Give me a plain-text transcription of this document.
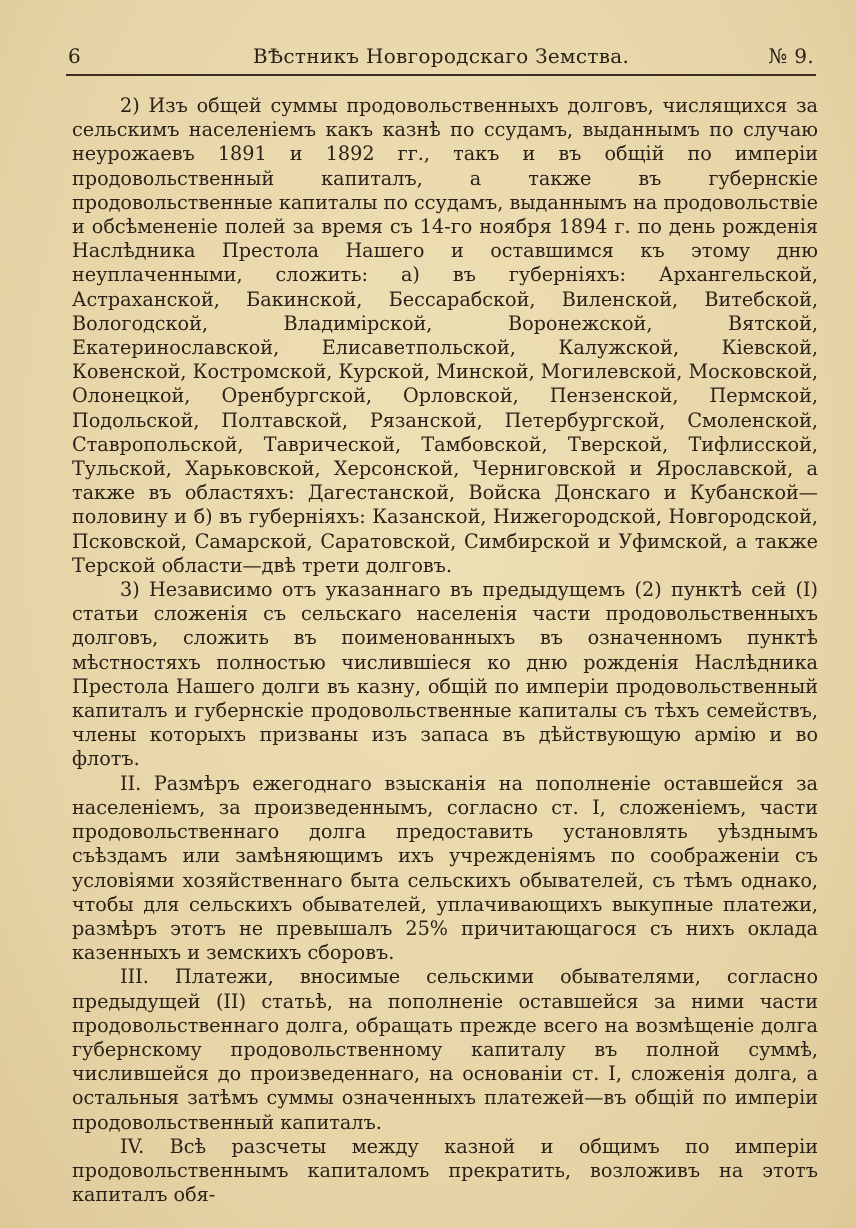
6	ВѢстникъ Новгородскаго Земства.	№ 9.

2) Изъ общей суммы продовольственныхъ долговъ, числящихся за сельскимъ населеніемъ какъ казнѣ по ссудамъ, выданнымъ по случаю неурожаевъ 1891 и 1892 гг., такъ и въ общій по имперіи продовольственный капиталъ, а также въ губернскіе продовольственные капиталы по ссудамъ, выданнымъ на продовольствіе и обсѣмененіе полей за время съ 14-го ноября 1894 г. по день рожденія Наслѣдника Престола Нашего и оставшимся къ этому дню неуплаченными, сложить: а) въ губерніяхъ: Архангельской, Астраханской, Бакинской, Бессарабской, Виленской, Витебской, Вологодской, Владимірской, Воронежской, Вятской, Екатеринославской, Елисаветпольской, Калужской, Кіевской, Ковенской, Костромской, Курской, Минской, Могилевской, Московской, Олонецкой, Оренбургской, Орловской, Пензенской, Пермской, Подольской, Полтавской, Рязанской, Петербургской, Смоленской, Ставропольской, Таврической, Тамбовской, Тверской, Тифлисской, Тульской, Харьковской, Херсонской, Черниговской и Ярославской, а также въ областяхъ: Дагестанской, Войска Донскаго и Кубанской—половину и б) въ губерніяхъ: Казанской, Нижегородской, Новгородской, Псковской, Самарской, Саратовской, Симбирской и Уфимской, а также Терской области—двѣ трети долговъ.

3) Независимо отъ указаннаго въ предыдущемъ (2) пунктѣ сей (I) статьи сложенія съ сельскаго населенія части продовольственныхъ долговъ, сложить въ поименованныхъ въ означенномъ пунктѣ мѣстностяхъ полностью числившіеся ко дню рожденія Наслѣдника Престола Нашего долги въ казну, общій по имперіи продовольственный капиталъ и губернскіе продовольственные капиталы съ тѣхъ семействъ, члены которыхъ призваны изъ запаса въ дѣйствующую армію и во флотъ.

II. Размѣръ ежегоднаго взысканія на пополненіе оставшейся за населеніемъ, за произведеннымъ, согласно ст. I, сложеніемъ, части продовольственнаго долга предоставить установлять уѣзднымъ съѣздамъ или замѣняющимъ ихъ учрежденіямъ по соображеніи съ условіями хозяйственнаго быта сельскихъ обывателей, съ тѣмъ однако, чтобы для сельскихъ обывателей, уплачивающихъ выкупные платежи, размѣръ этотъ не превышалъ 25% причитающагося съ нихъ оклада казенныхъ и земскихъ сборовъ.

III. Платежи, вносимые сельскими обывателями, согласно предыдущей (II) статьѣ, на пополненіе оставшейся за ними части продовольственнаго долга, обращать прежде всего на возмѣщеніе долга губернскому продовольственному капиталу въ полной суммѣ, числившейся до произведеннаго, на основаніи ст. I, сложенія долга, а остальныя затѣмъ суммы означенныхъ платежей—въ общій по имперіи продовольственный капиталъ.

IV. Всѣ разсчеты между казной и общимъ по имперіи продовольственнымъ капиталомъ прекратить, возложивъ на этотъ капиталъ обя-
